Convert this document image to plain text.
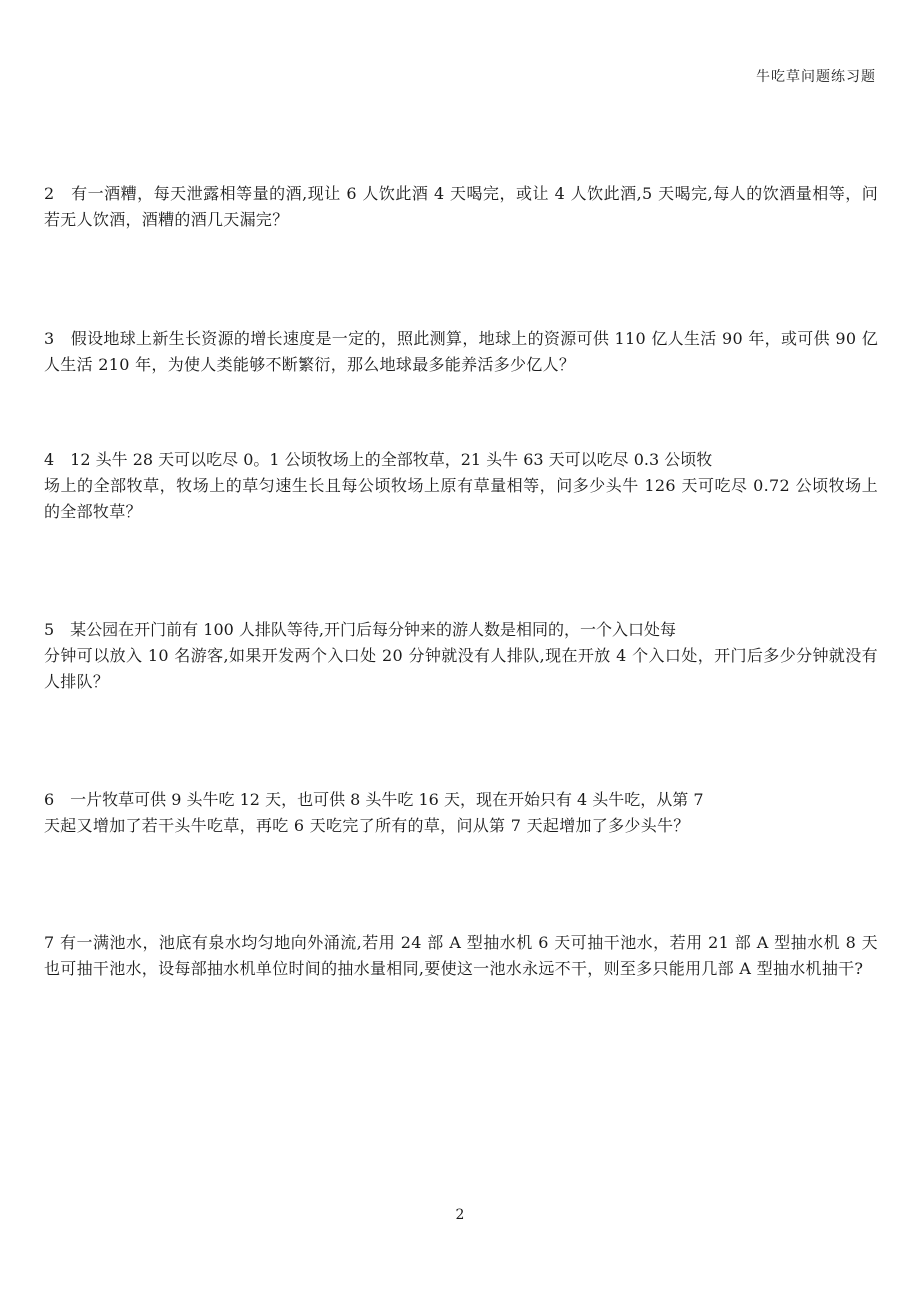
牛吃草问题练习题
2　有一酒糟，每天泄露相等量的酒,现让 6 人饮此酒 4 天喝完，或让 4 人饮此酒,5 天喝完,每人的饮酒量相等，问若无人饮酒，酒糟的酒几天漏完？
3　假设地球上新生长资源的增长速度是一定的，照此测算，地球上的资源可供 110 亿人生活 90 年，或可供 90 亿人生活 210 年，为使人类能够不断繁衍，那么地球最多能养活多少亿人？
4　12 头牛 28 天可以吃尽 0。1 公顷牧场上的全部牧草，21 头牛 63 天可以吃尽 0.3 公顷牧
场上的全部牧草，牧场上的草匀速生长且每公顷牧场上原有草量相等，问多少头牛 126 天可吃尽 0.72 公顷牧场上的全部牧草？
5　某公园在开门前有 100 人排队等待,开门后每分钟来的游人数是相同的，一个入口处每
分钟可以放入 10 名游客,如果开发两个入口处 20 分钟就没有人排队,现在开放 4 个入口处，开门后多少分钟就没有人排队？
6　一片牧草可供 9 头牛吃 12 天，也可供 8 头牛吃 16 天，现在开始只有 4 头牛吃，从第 7
天起又增加了若干头牛吃草，再吃 6 天吃完了所有的草，问从第 7 天起增加了多少头牛？
7 有一满池水，池底有泉水均匀地向外涌流,若用 24 部 A 型抽水机 6 天可抽干池水，若用 21 部 A 型抽水机 8 天也可抽干池水，设每部抽水机单位时间的抽水量相同,要使这一池水永远不干，则至多只能用几部 A 型抽水机抽干?
2
